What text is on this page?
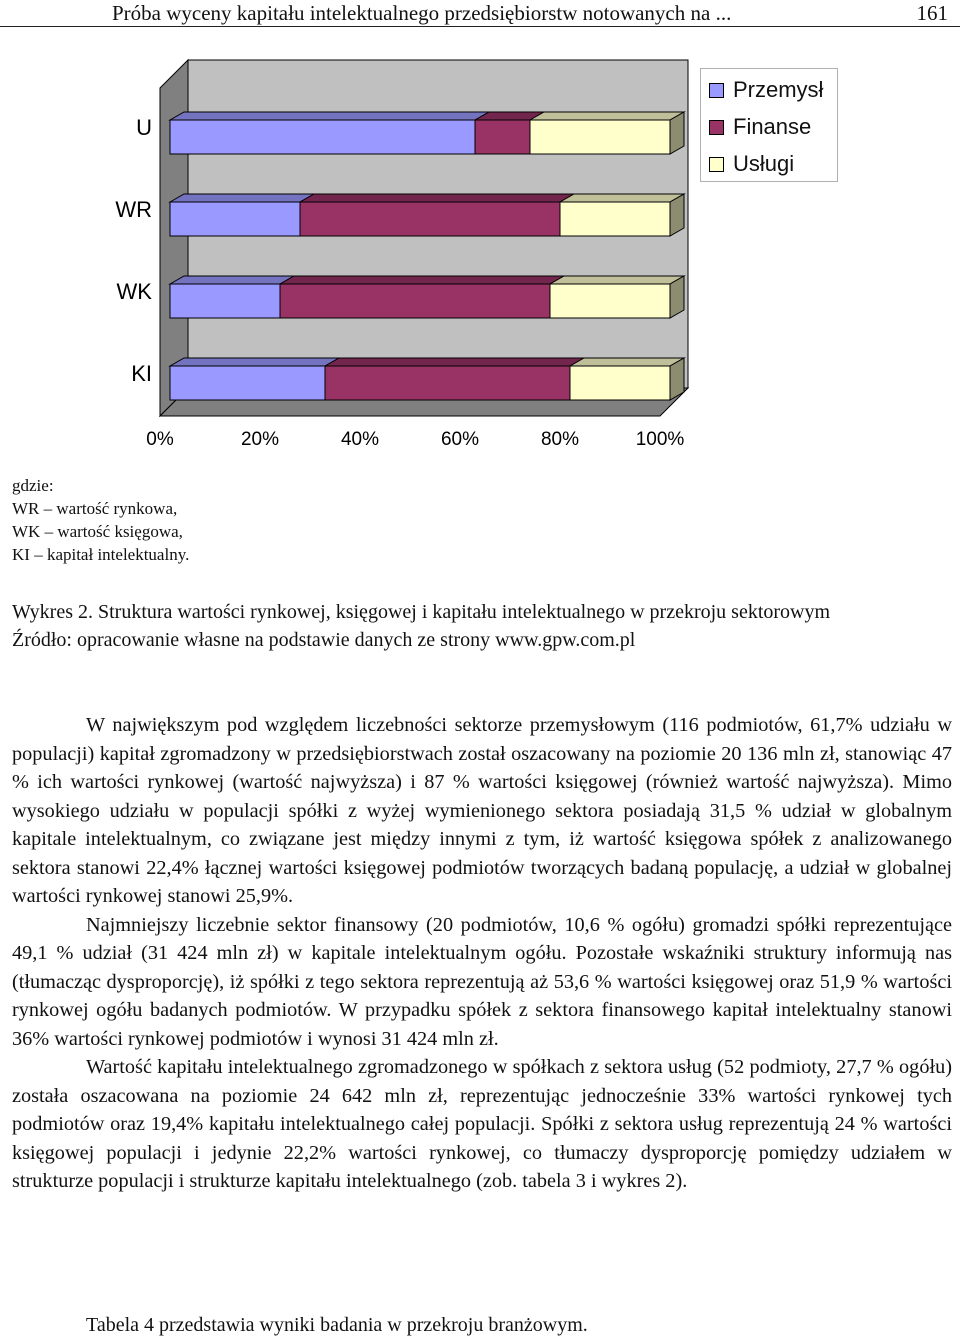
Próba wyceny kapitału intelektualnego przedsiębiorstw notowanych na ...	161
U
WR
WK
KI
0%	20%	40%	60%	80%	100%
Przemysł
Finanse
Usługi
gdzie:
WR – wartość rynkowa,
WK – wartość księgowa,
KI – kapitał intelektualny.
Wykres 2. Struktura wartości rynkowej, księgowej i kapitału intelektualnego w przekroju sektorowym
Źródło: opracowanie własne na podstawie danych ze strony www.gpw.com.pl

W największym pod względem liczebności sektorze przemysłowym (116 podmiotów, 61,7% udziału w populacji) kapitał zgromadzony w przedsiębiorstwach został oszacowany na poziomie 20 136 mln zł, stanowiąc 47 % ich wartości rynkowej (wartość najwyższa) i 87 % wartości księgowej (również wartość najwyższa). Mimo wysokiego udziału w populacji spółki z wyżej wymienionego sektora posiadają 31,5 % udział w globalnym kapitale intelektualnym, co związane jest między innymi z tym, iż wartość księgowa spółek z analizowanego sektora stanowi 22,4% łącznej wartości księgowej podmiotów tworzących badaną populację, a udział w globalnej wartości rynkowej stanowi 25,9%.

Najmniejszy liczebnie sektor finansowy (20 podmiotów, 10,6 % ogółu) gromadzi spółki reprezentujące 49,1 % udział (31 424 mln zł) w kapitale intelektualnym ogółu. Pozostałe wskaźniki struktury informują nas (tłumacząc dysproporcję), iż spółki z tego sektora reprezentują aż 53,6 % wartości księgowej oraz 51,9 % wartości rynkowej ogółu badanych podmiotów. W przypadku spółek z sektora finansowego kapitał intelektualny stanowi 36% wartości rynkowej podmiotów i wynosi 31 424 mln zł.

Wartość kapitału intelektualnego zgromadzonego w spółkach z sektora usług (52 podmioty, 27,7 % ogółu) została oszacowana na poziomie 24 642 mln zł, reprezentując jednocześnie 33% wartości rynkowej tych podmiotów oraz 19,4% kapitału intelektualnego całej populacji. Spółki z sektora usług reprezentują 24 % wartości księgowej populacji i jedynie 22,2% wartości rynkowej, co tłumaczy dysproporcję pomiędzy udziałem w strukturze populacji i strukturze kapitału intelektualnego (zob. tabela 3 i wykres 2).

Tabela 4 przedstawia wyniki badania w przekroju branżowym.
